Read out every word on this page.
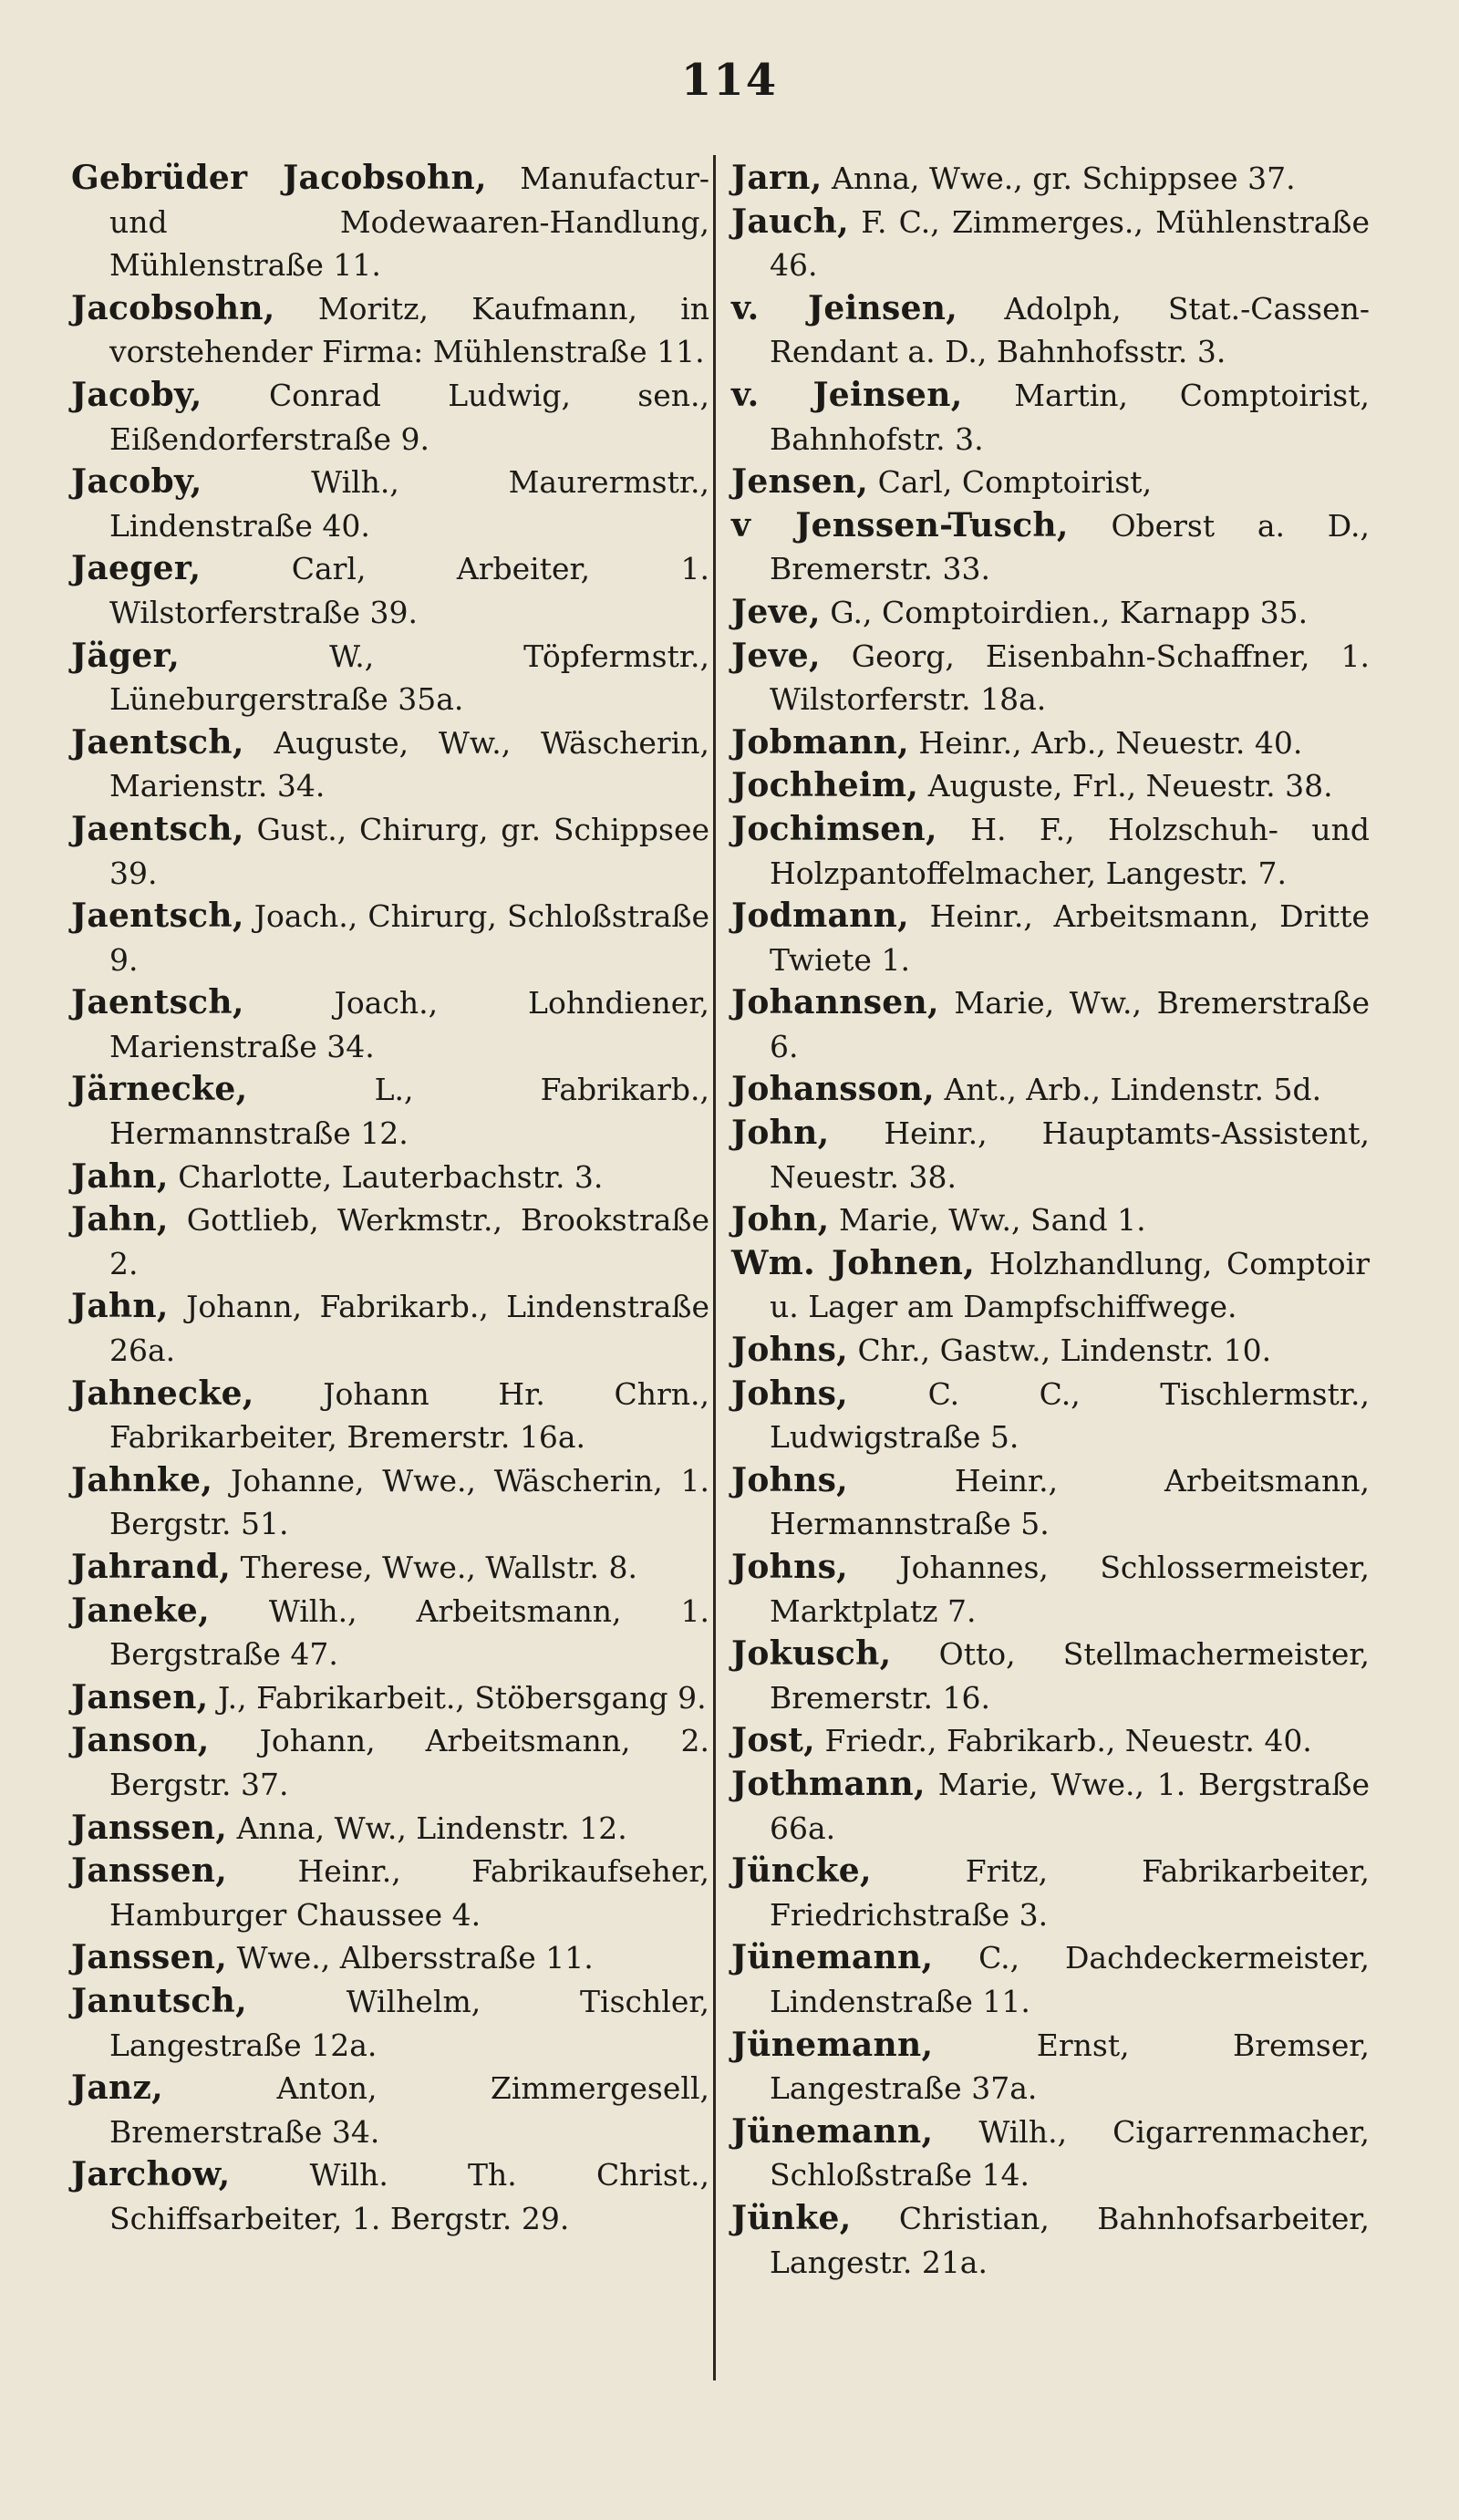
114

Gebrüder Jacobsohn, Manufactur- und Modewaaren-Handlung, Mühlenstraße 11.

Jacobsohn, Moritz, Kaufmann, in vorstehender Firma: Mühlenstraße 11.

Jacoby, Conrad Ludwig, sen., Eißendorferstraße 9.

Jacoby,	Wilh., Maurermstr., Lindenstraße 40.

Jaeger,	Carl, Arbeiter, 1. Wilstorferstraße 39.

Jäger,	W., Töpfermstr., Lüneburgerstraße 35a.

Jaentsch, Auguste, Ww., Wäscherin, Marienstr. 34.

Jaentsch, Gust., Chirurg, gr. Schippsee 39.

Jaentsch, Joach., Chirurg, Schloßstraße 9.

Jaentsch,	Joach., Lohndiener, Marienstraße 34.

Järnecke,	L., Fabrikarb., Hermannstraße 12.

Jahn, Charlotte, Lauterbachstr. 3.

Jahn, Gottlieb, Werkmstr., Brookstraße 2.

Jahn, Johann, Fabrikarb., Lindenstraße 26a.

Jahnecke, Johann Hr. Chrn., Fabrikarbeiter, Bremerstr. 16a.

Jahnke, Johanne, Wwe., Wäscherin, 1. Bergstr. 51.

Jahrand, Therese, Wwe., Wallstr. 8.

Janeke, Wilh., Arbeitsmann, 1. Bergstraße 47.

Jansen, J., Fabrikarbeit., Stöbersgang 9.

Janson, Johann, Arbeitsmann, 2. Bergstr. 37.

Janssen, Anna, Ww., Lindenstr. 12.

Janssen, Heinr., Fabrikaufseher, Hamburger Chaussee 4.

Janssen, Wwe., Albersstraße 11.

Janutsch,	Wilhelm, Tischler, Langestraße 12a.

Janz,	Anton, Zimmergesell, Bremerstraße 34.

Jarchow,	Wilh. Th. Christ., Schiffsarbeiter, 1. Bergstr. 29.

Jarn, Anna, Wwe., gr. Schippsee 37.

Jauch, F. C., Zimmerges., Mühlenstraße 46.

v. Jeinsen, Adolph, Stat.-Cassen-Rendant a. D., Bahnhofsstr. 3.

v. Jeinsen, Martin, Comptoirist, Bahnhofstr. 3.

Jensen, Carl, Comptoirist,

v Jenssen-Tusch, Oberst a. D., Bremerstr. 33.

Jeve, G., Comptoirdien., Karnapp 35.

Jeve, Georg, Eisenbahn-Schaffner, 1. Wilstorferstr. 18a.

Jobmann, Heinr., Arb., Neuestr. 40.

Jochheim, Auguste, Frl., Neuestr. 38.

Jochimsen, H. F., Holzschuh- und Holzpantoffelmacher, Langestr. 7.

Jodmann, Heinr., Arbeitsmann, Dritte Twiete 1.

Johannsen, Marie, Ww., Bremerstraße 6.

Johansson, Ant., Arb., Lindenstr. 5d.

John, Heinr., Hauptamts-Assistent, Neuestr. 38.

John, Marie, Ww., Sand 1.

Wm. Johnen, Holzhandlung, Comptoir u. Lager am Dampfschiffwege.

Johns, Chr., Gastw., Lindenstr. 10.

Johns,	C. C., Tischlermstr., Ludwigstraße 5.

Johns,	Heinr., Arbeitsmann, Hermannstraße 5.

Johns, Johannes, Schlossermeister, Marktplatz 7.

Jokusch, Otto, Stellmachermeister, Bremerstr. 16.

Jost, Friedr., Fabrikarb., Neuestr. 40.

Jothmann, Marie, Wwe., 1. Bergstraße 66a.

Jüncke,	Fritz, Fabrikarbeiter, Friedrichstraße 3.

Jünemann, C., Dachdeckermeister, Lindenstraße 11.

Jünemann,	Ernst, Bremser, Langestraße 37a.

Jünemann, Wilh., Cigarrenmacher, Schloßstraße 14.

Jünke, Christian, Bahnhofsarbeiter, Langestr. 21a.
